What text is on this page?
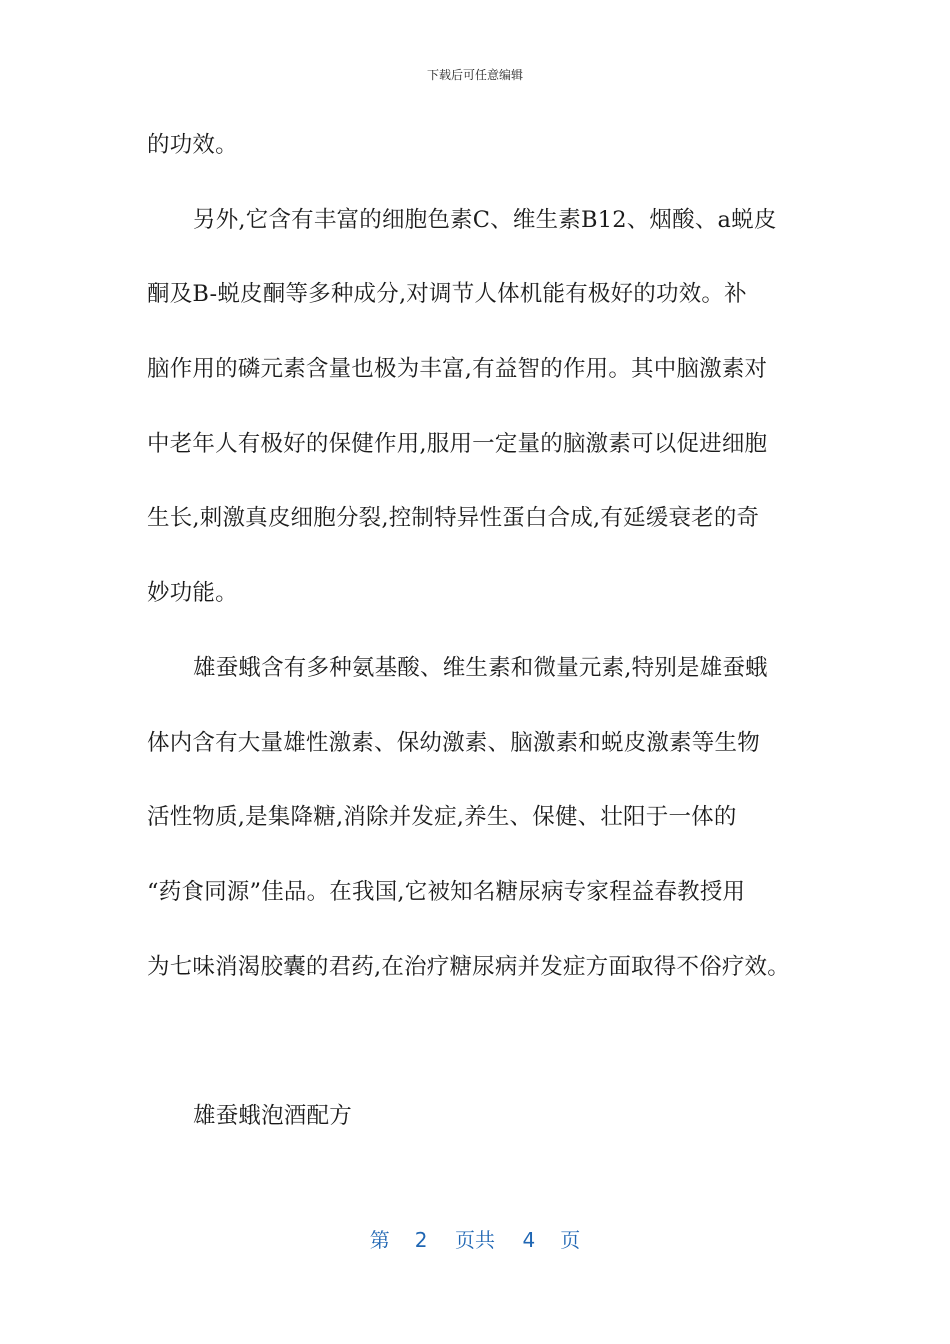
下载后可任意编辑
的功效。
另外,它含有丰富的细胞色素C、维生素B12、烟酸、a蜕皮
酮及B-蜕皮酮等多种成分,对调节人体机能有极好的功效。补
脑作用的磷元素含量也极为丰富,有益智的作用。其中脑激素对
中老年人有极好的保健作用,服用一定量的脑激素可以促进细胞
生长,刺激真皮细胞分裂,控制特异性蛋白合成,有延缓衰老的奇
妙功能。
雄蚕蛾含有多种氨基酸、维生素和微量元素,特别是雄蚕蛾
体内含有大量雄性激素、保幼激素、脑激素和蜕皮激素等生物
活性物质,是集降糖,消除并发症,养生、保健、壮阳于一体的
“药食同源”佳品。在我国,它被知名糖尿病专家程益春教授用
为七味消渴胶囊的君药,在治疗糖尿病并发症方面取得不俗疗效。
雄蚕蛾泡酒配方
第 2 页共 4 页
